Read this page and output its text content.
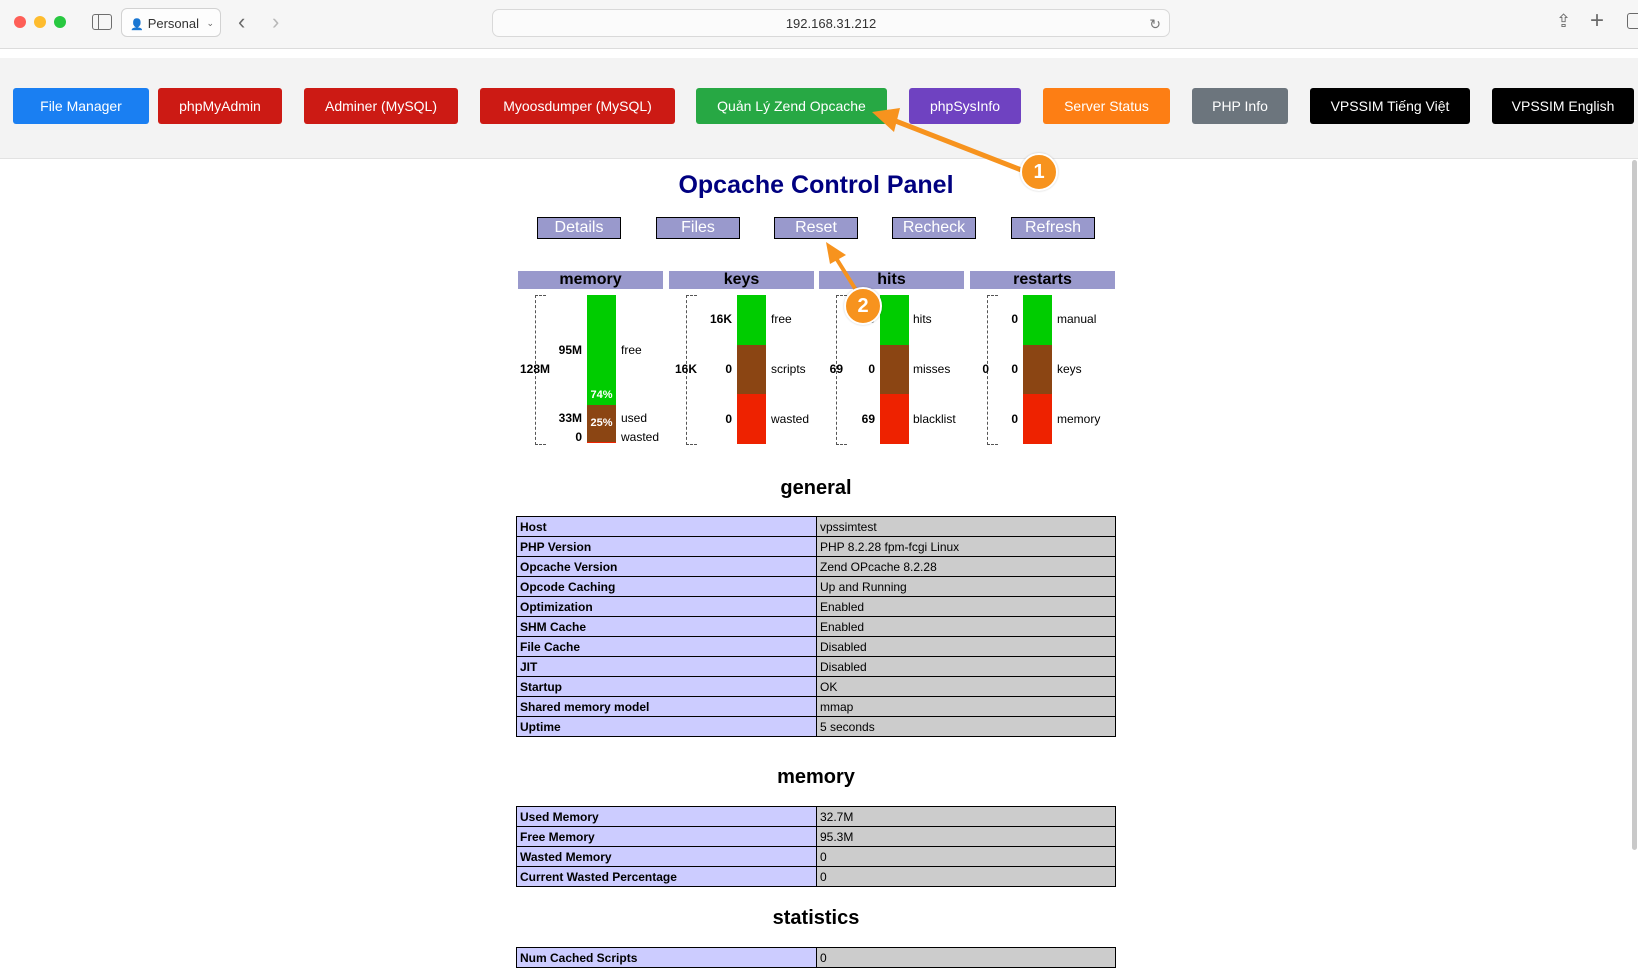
👤 Personal ⌄ ‹ ›	192.168.31.212	↻	⇪ +
File Manager	phpMyAdmin	Adminer (MySQL)	Myoosdumper (MySQL)	Quản Lý Zend Opcache	phpSysInfo	Server Status	PHP Info	VPSSIM Tiếng Việt	VPSSIM English
Opcache Control Panel
Details	Files	Reset	Recheck	Refresh
memory	keys	hits	restarts
128M
74%
25%
95M	free
33M	used
0	wasted
16K
16K	free
0	scripts
0	wasted
69
hits
0	misses
69	blacklist
0
0	manual
0	keys
0	memory
general
Host	vpssimtest
PHP Version	PHP 8.2.28 fpm-fcgi Linux
Opcache Version	Zend OPcache 8.2.28
Opcode Caching	Up and Running
Optimization	Enabled
SHM Cache	Enabled
File Cache	Disabled
JIT	Disabled
Startup	OK
Shared memory model	mmap
Uptime	5 seconds
memory
Used Memory	32.7M
Free Memory	95.3M
Wasted Memory	0
Current Wasted Percentage	0
statistics
Num Cached Scripts	0
1
2
